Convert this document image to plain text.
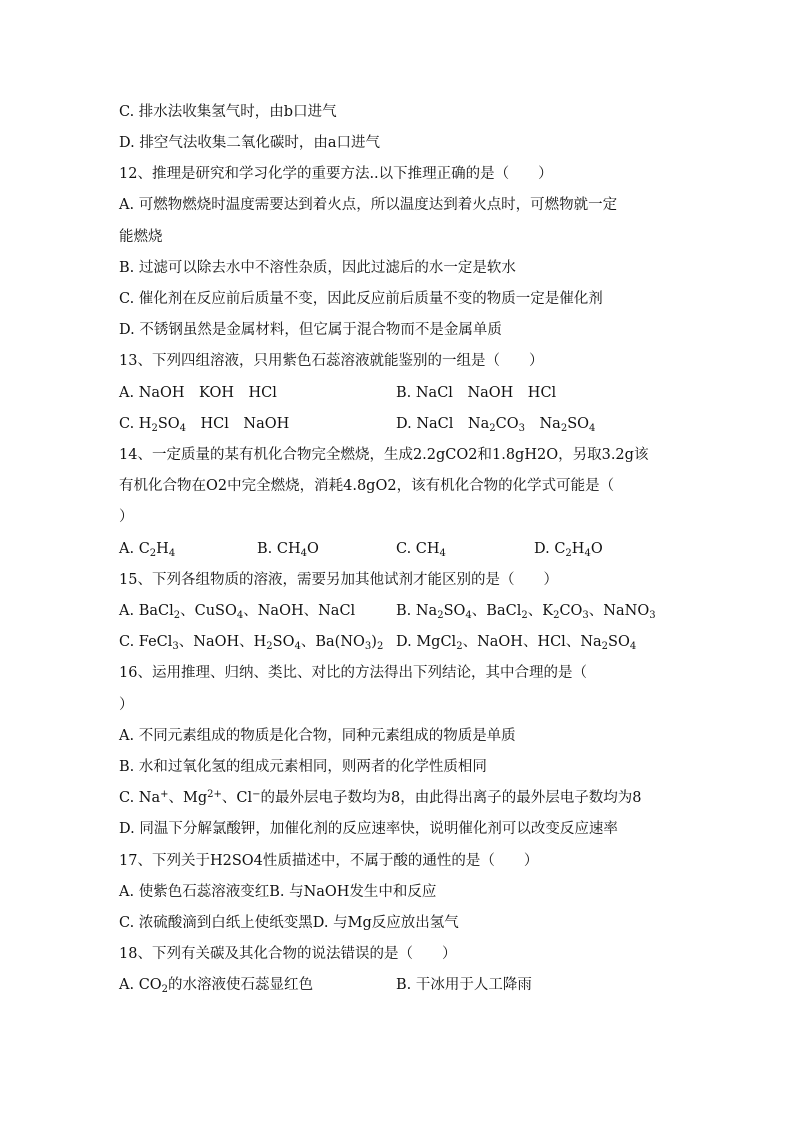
C. 排水法收集氢气时，由b口进气
D. 排空气法收集二氧化碳时，由a口进气
12、推理是研究和学习化学的重要方法..以下推理正确的是（　　）
A. 可燃物燃烧时温度需要达到着火点，所以温度达到着火点时，可燃物就一定
能燃烧
B. 过滤可以除去水中不溶性杂质，因此过滤后的水一定是软水
C. 催化剂在反应前后质量不变，因此反应前后质量不变的物质一定是催化剂
D. 不锈钢虽然是金属材料，但它属于混合物而不是金属单质
13、下列四组溶液，只用紫色石蕊溶液就能鉴别的一组是（　　）
A. NaOH　KOH　HCl	B. NaCl　NaOH　HCl
C. $H_2SO_4$　HCl　NaOH	D. NaCl　$Na_2CO_3$　$Na_2SO_4$
14、一定质量的某有机化合物完全燃烧，生成2.2gCO2和1.8gH2O，另取3.2g该
有机化合物在O2中完全燃烧，消耗4.8gO2，该有机化合物的化学式可能是（
）
A. $C_2H_4$	B. $CH_4O$	C. $CH_4$	D. $C_2H_4O$
15、下列各组物质的溶液，需要另加其他试剂才能区别的是（　　）
A. BaCl$_2$、CuSO$_4$、NaOH、NaCl	B. $Na_2SO_4$、BaCl$_2$、$K_2CO_3$、NaNO$_3$
C. FeCl$_3$、NaOH、$H_2SO_4$、$Ba(NO_3)_2$ D. MgCl$_2$、NaOH、HCl、$Na_2SO_4$
16、运用推理、归纳、类比、对比的方法得出下列结论，其中合理的是（
）
A. 不同元素组成的物质是化合物，同种元素组成的物质是单质
B. 水和过氧化氢的组成元素相同，则两者的化学性质相同
C. Na+、$Mg^{2+}$、Cl−的最外层电子数均为8，由此得出离子的最外层电子数均为8
D. 同温下分解氯酸钾，加催化剂的反应速率快，说明催化剂可以改变反应速率
17、下列关于H2SO4性质描述中，不属于酸的通性的是（　　）
A. 使紫色石蕊溶液变红B. 与NaOH发生中和反应
C. 浓硫酸滴到白纸上使纸变黑D. 与Mg反应放出氢气
18、下列有关碳及其化合物的说法错误的是（　　）
A. $CO_2$的水溶液使石蕊显红色	B. 干冰用于人工降雨
